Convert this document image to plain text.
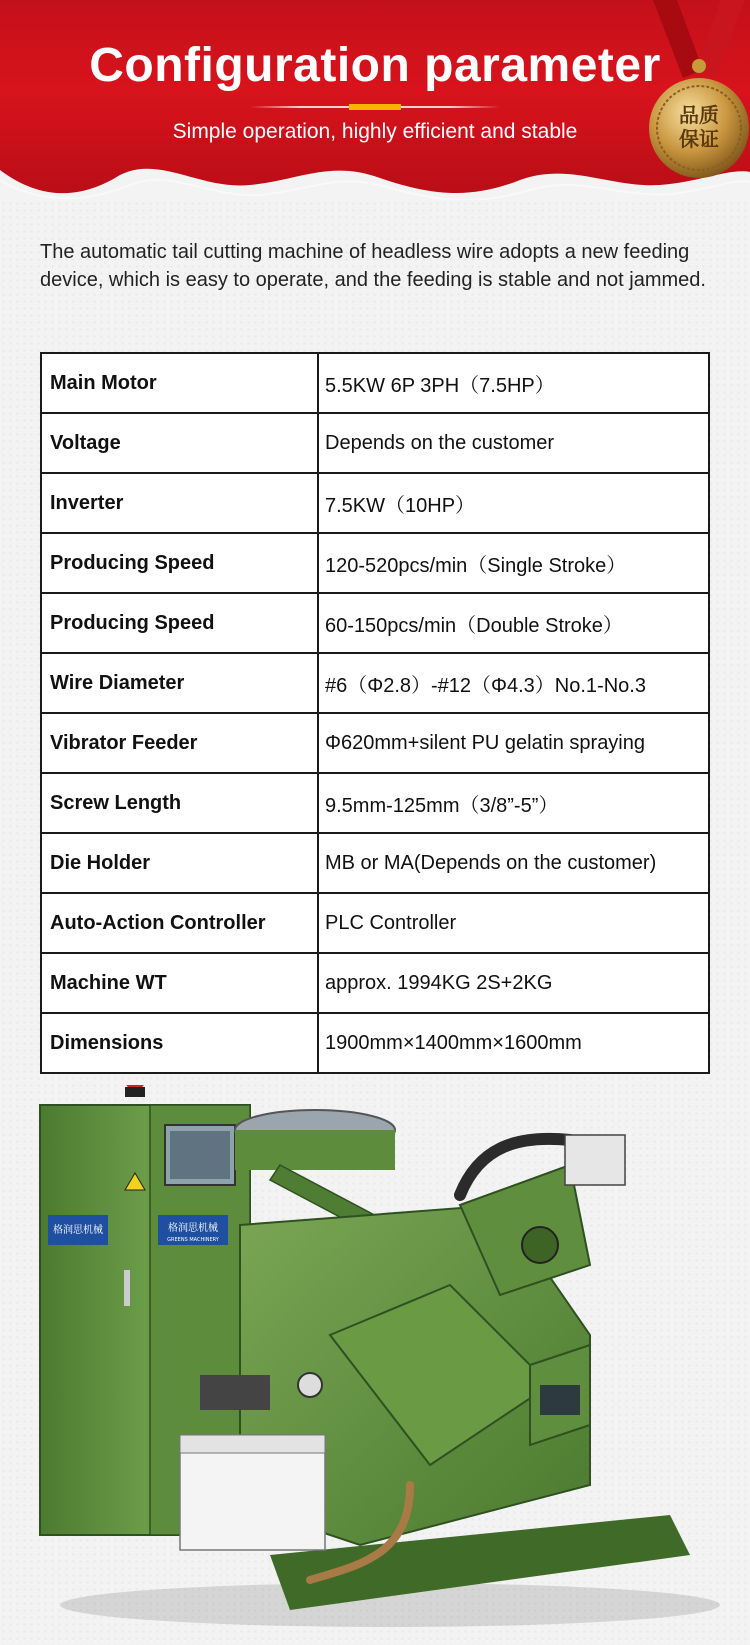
Configuration parameter
Simple operation, highly efficient and stable
品质
保证

The automatic tail cutting machine of headless wire adopts a new feeding device, which is easy to operate, and the feeding is stable and not jammed.

Main Motor	5.5KW 6P 3PH（7.5HP）
Voltage	Depends on the customer
Inverter	7.5KW（10HP）
Producing Speed	120-520pcs/min（Single Stroke）
Producing Speed	60-150pcs/min（Double Stroke）
Wire Diameter	#6（Φ2.8）-#12（Φ4.3）No.1-No.3
Vibrator Feeder	Φ620mm+silent PU gelatin spraying
Screw Length	9.5mm-125mm（3/8”-5”）
Die Holder	MB or MA(Depends on the customer)
Auto-Action Controller	PLC Controller
Machine WT	approx. 1994KG 2S+2KG
Dimensions	1900mm×1400mm×1600mm
格润思机械	格润思机械
GREENS MACHINERY
